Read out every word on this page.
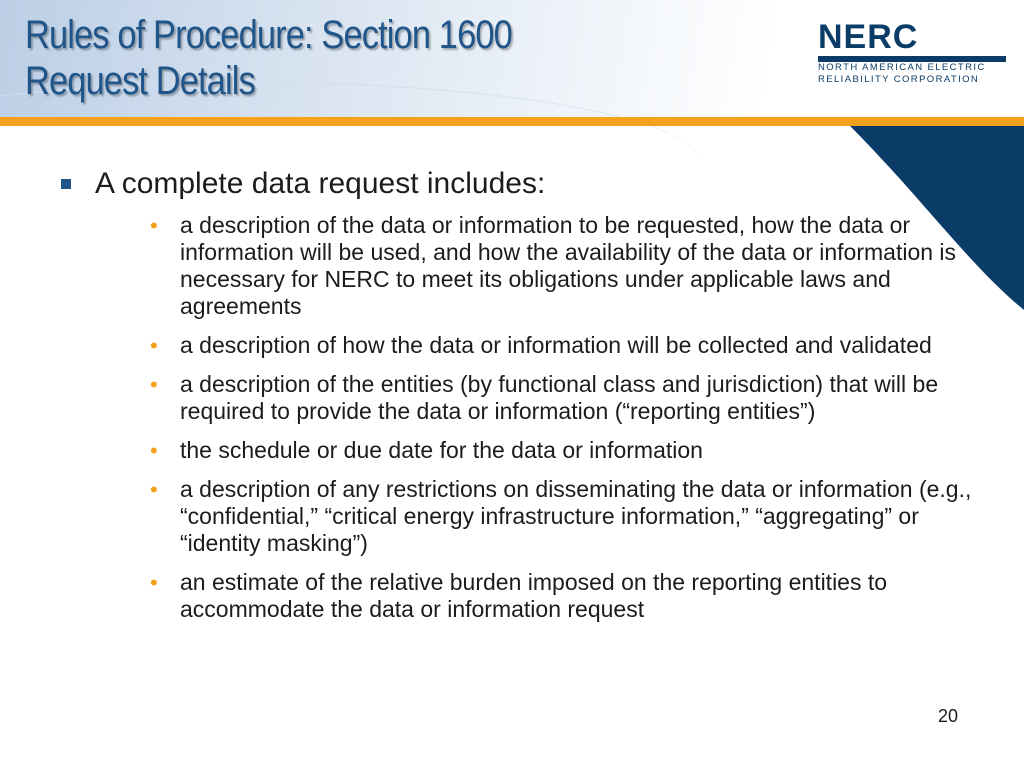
Rules of Procedure: Section 1600
Request Details
NERC
NORTH AMERICAN ELECTRIC
RELIABILITY CORPORATION
A complete data request includes:
• a description of the data or information to be requested, how the data or information will be used, and how the availability of the data or information is necessary for NERC to meet its obligations under applicable laws and agreements
• a description of how the data or information will be collected and validated
• a description of the entities (by functional class and jurisdiction) that will be required to provide the data or information (“reporting entities”)
• the schedule or due date for the data or information
• a description of any restrictions on disseminating the data or information (e.g., “confidential,” “critical energy infrastructure information,” “aggregating” or “identity masking”)
• an estimate of the relative burden imposed on the reporting entities to accommodate the data or information request
20
